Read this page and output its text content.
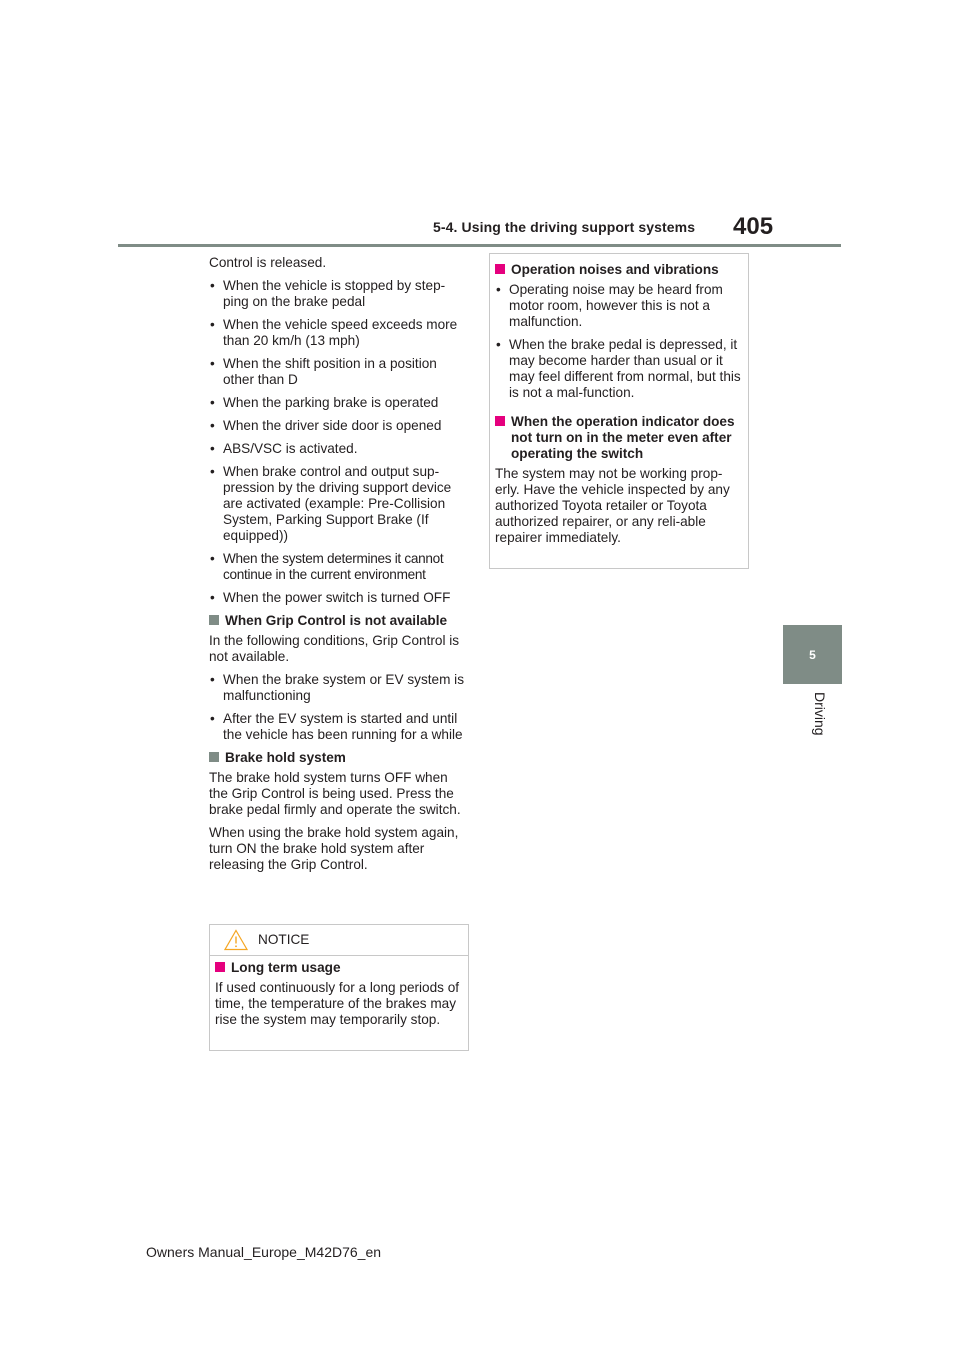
5-4. Using the driving support systems 405
5
Driving

Control is released.

• When the vehicle is stopped by step-ping on the brake pedal
• When the vehicle speed exceeds more than 20 km/h (13 mph)
• When the shift position in a position other than D
• When the parking brake is operated
• When the driver side door is opened
• ABS/VSC is activated.
• When brake control and output sup-pression by the driving support device are activated (example: Pre-Collision System, Parking Support Brake (If equipped))
• When the system determines it cannot continue in the current environment
• When the power switch is turned OFF
When Grip Control is not available

In the following conditions, Grip Control is not available.

• When the brake system or EV system is malfunctioning
• After the EV system is started and until the vehicle has been running for a while
Brake hold system

The brake hold system turns OFF when the Grip Control is being used. Press the brake pedal firmly and operate the switch.

When using the brake hold system again, turn ON the brake hold system after releasing the Grip Control.

NOTICE
Long term usage

If used continuously for a long periods of time, the temperature of the brakes may rise the system may temporarily stop.

Operation noises and vibrations
• Operating noise may be heard from motor room, however this is not a malfunction.
• When the brake pedal is depressed, it may become harder than usual or it may feel different from normal, but this is not a mal-function.
When the operation indicator does not turn on in the meter even after operating the switch

The system may not be working prop-erly. Have the vehicle inspected by any authorized Toyota retailer or Toyota authorized repairer, or any reli-able repairer immediately.

Owners Manual_Europe_M42D76_en
